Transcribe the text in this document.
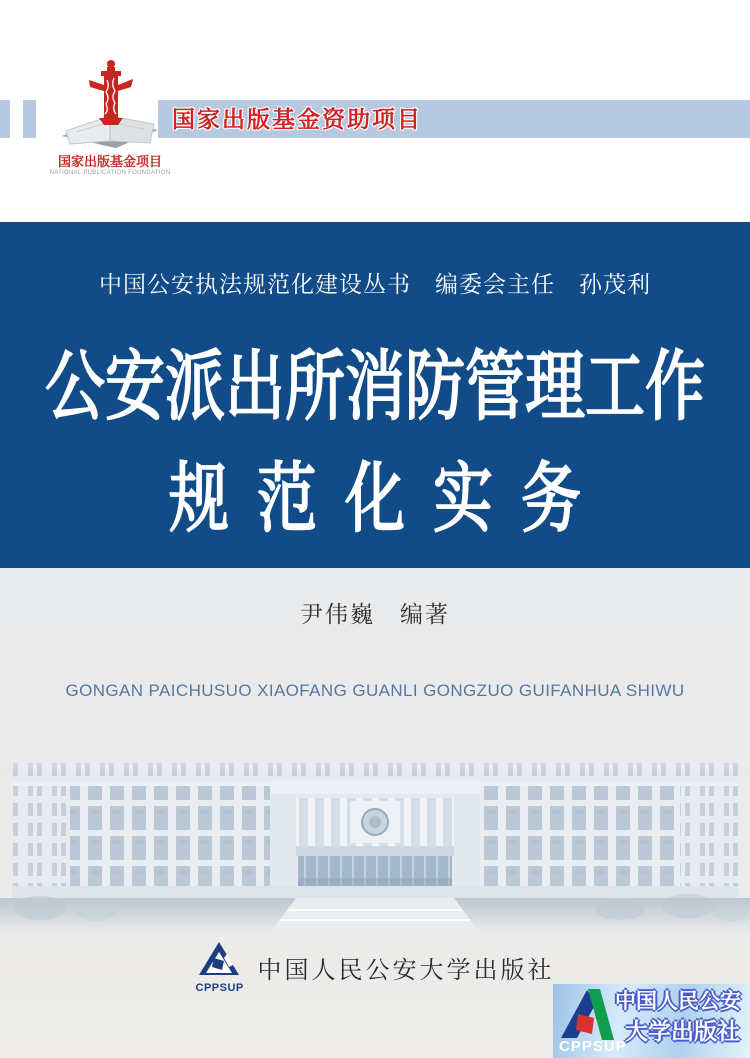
国家出版基金资助项目
国家出版基金项目
NATIONAL PUBLICATION FOUNDATION
中国公安执法规范化建设丛书　编委会主任　孙茂利
公安派出所消防管理工作
规范化实务
尹伟巍　编著
GONGAN PAICHUSUO XIAOFANG GUANLI GONGZUO GUIFANHUA SHIWU
CPPSUP
中国人民公安大学出版社
CPPSUP
中国人民公安
大学出版社
